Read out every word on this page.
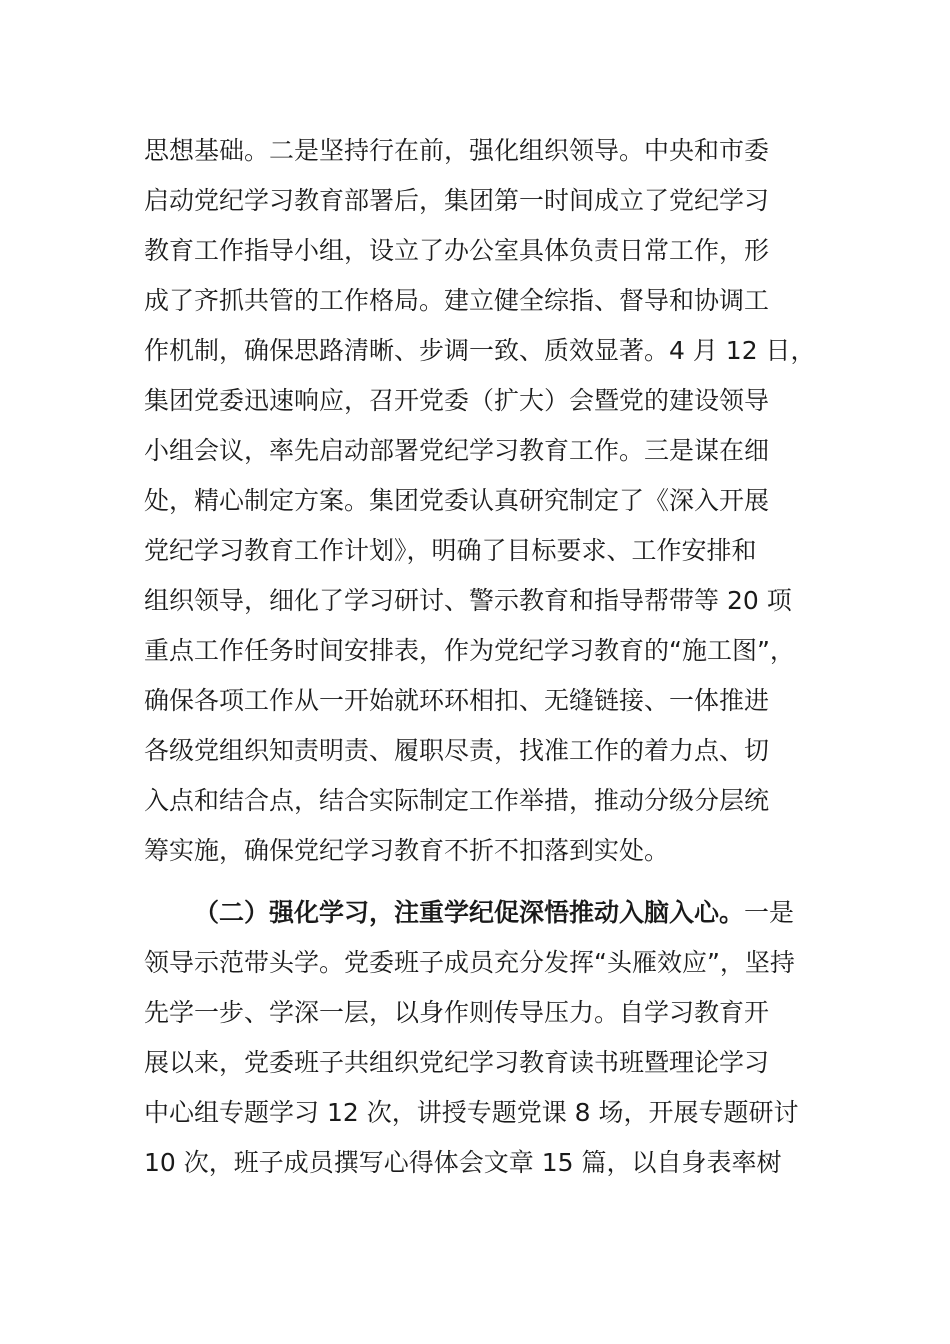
思想基础。二是坚持行在前，强化组织领导。中央和市委
启动党纪学习教育部署后，集团第一时间成立了党纪学习
教育工作指导小组，设立了办公室具体负责日常工作，形
成了齐抓共管的工作格局。建立健全综指、督导和协调工
作机制，确保思路清晰、步调一致、质效显著。4 月 12 日，
集团党委迅速响应，召开党委（扩大）会暨党的建设领导
小组会议，率先启动部署党纪学习教育工作。三是谋在细
处，精心制定方案。集团党委认真研究制定了《深入开展
党纪学习教育工作计划》，明确了目标要求、工作安排和
组织领导，细化了学习研讨、警示教育和指导帮带等 20 项
重点工作任务时间安排表，作为党纪学习教育的“施工图”，
确保各项工作从一开始就环环相扣、无缝链接、一体推进
各级党组织知责明责、履职尽责，找准工作的着力点、切
入点和结合点，结合实际制定工作举措，推动分级分层统
筹实施，确保党纪学习教育不折不扣落到实处。
（二）强化学习，注重学纪促深悟推动入脑入心。一是
领导示范带头学。党委班子成员充分发挥“头雁效应”，坚持
先学一步、学深一层，以身作则传导压力。自学习教育开
展以来，党委班子共组织党纪学习教育读书班暨理论学习
中心组专题学习 12 次，讲授专题党课 8 场，开展专题研讨
10 次，班子成员撰写心得体会文章 15 篇，以自身表率树
